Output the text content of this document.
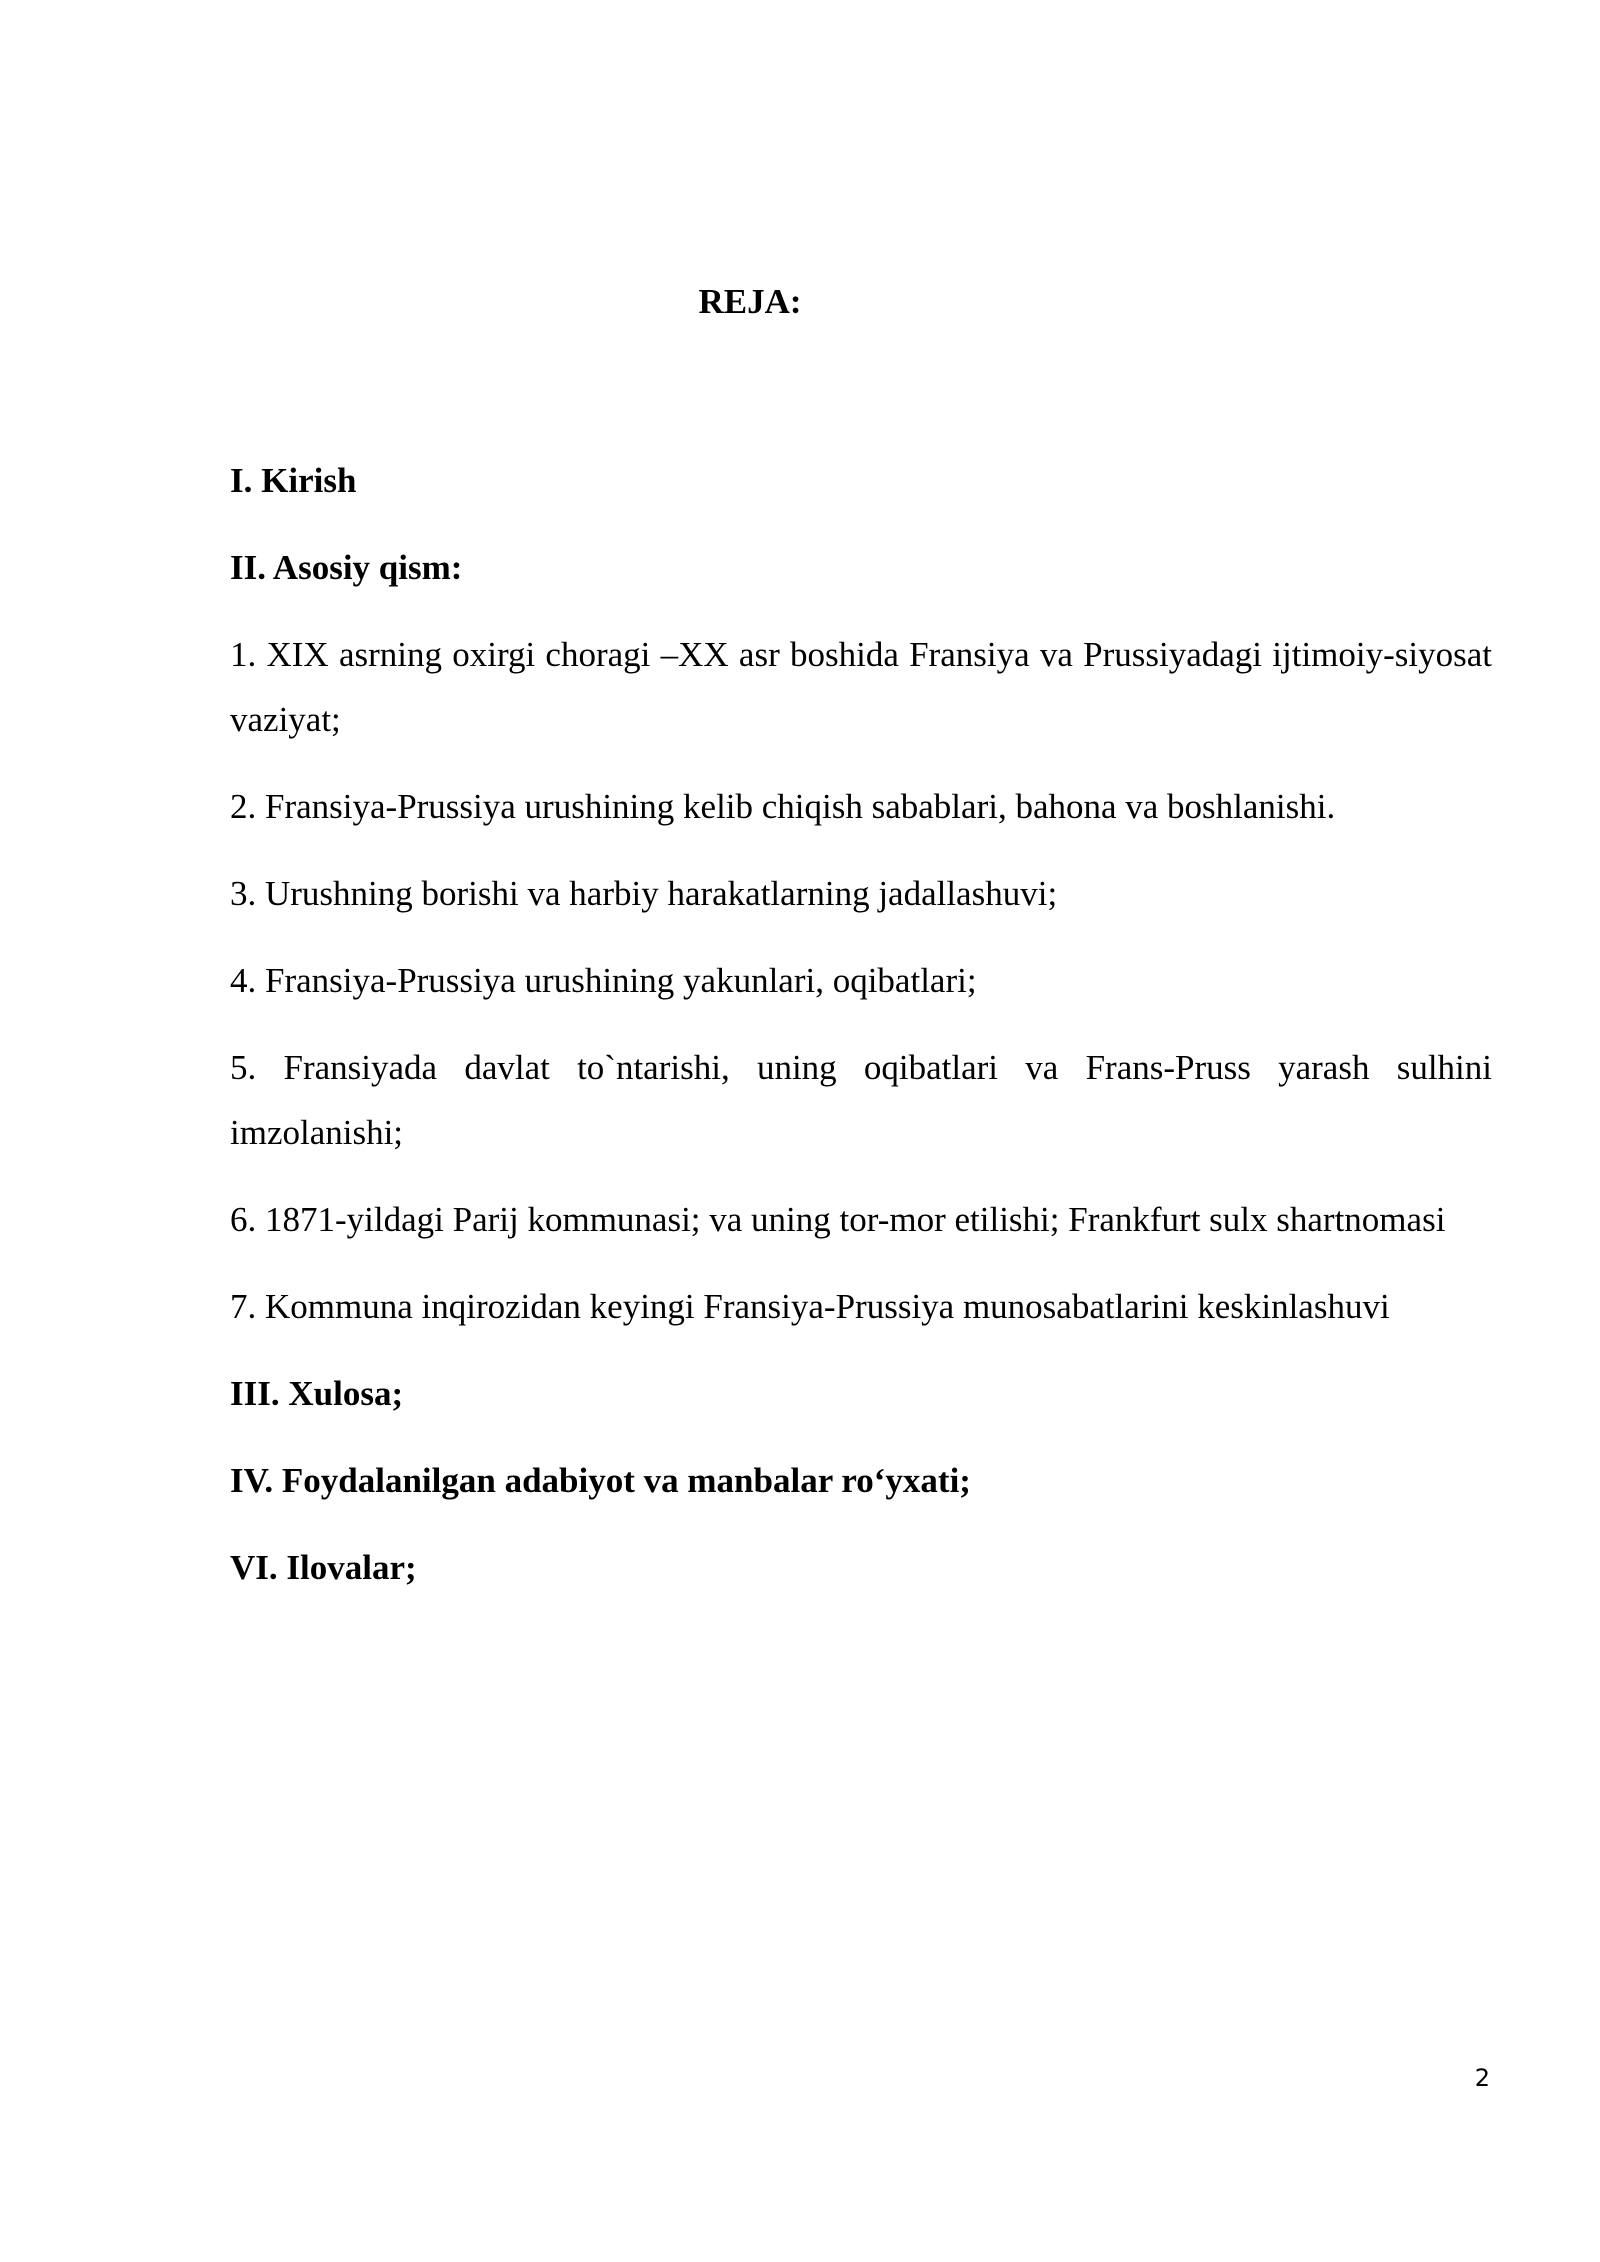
REJA:

I. Kirish

II. Asosiy qism:

1. XIX asrning oxirgi choragi –XX asr boshida Fransiya va Prussiyadagi ijtimoiy-siyosat vaziyat;

2. Fransiya-Prussiya urushining kelib chiqish sabablari, bahona va boshlanishi.

3. Urushning borishi va harbiy harakatlarning jadallashuvi;

4. Fransiya-Prussiya urushining yakunlari, oqibatlari;

5. Fransiyada davlat to`ntarishi, uning oqibatlari va Frans-Pruss yarash sulhini imzolanishi;

6. 1871-yildagi Parij kommunasi; va uning tor-mor etilishi; Frankfurt sulx shartnomasi

7. Kommuna inqirozidan keyingi Fransiya-Prussiya munosabatlarini keskinlashuvi

III. Xulosa;

IV. Foydalanilgan adabiyot va manbalar ro‘yxati;

VI. Ilovalar;

2
